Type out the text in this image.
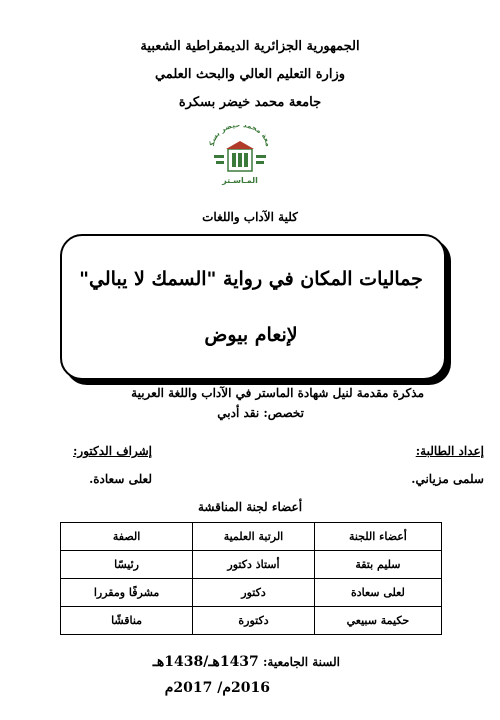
الجمهورية الجزائرية الديمقراطية الشعبية
وزارة التعليم العالي والبحث العلمي
جامعة محمد خيضر بسكرة
معة محمد خيضر بسك
المـاسـتر
كلية الآداب واللغات
جماليات المكان في رواية "السمك لا يبالي"
لإنعام بيوض
مذكرة مقدمة لنيل شهادة الماستر في الآداب واللغة العربية
تخصص: نقد أدبي
إعداد الطالبة:
إشراف الدكتور:
سلمى مزياني.
لعلى سعادة.
أعضاء لجنة المناقشة
أعضاء اللجنة	الرتبة العلمية	الصفة
سليم بتقة	أستاذ دكتور	رئيسًا
لعلى سعادة	دكتور	مشرفًا ومقررا
حكيمة سبيعي	دكتورة	مناقشًا
السنة الجامعية: 1437هـ/1438هـ
2016م/ 2017م
